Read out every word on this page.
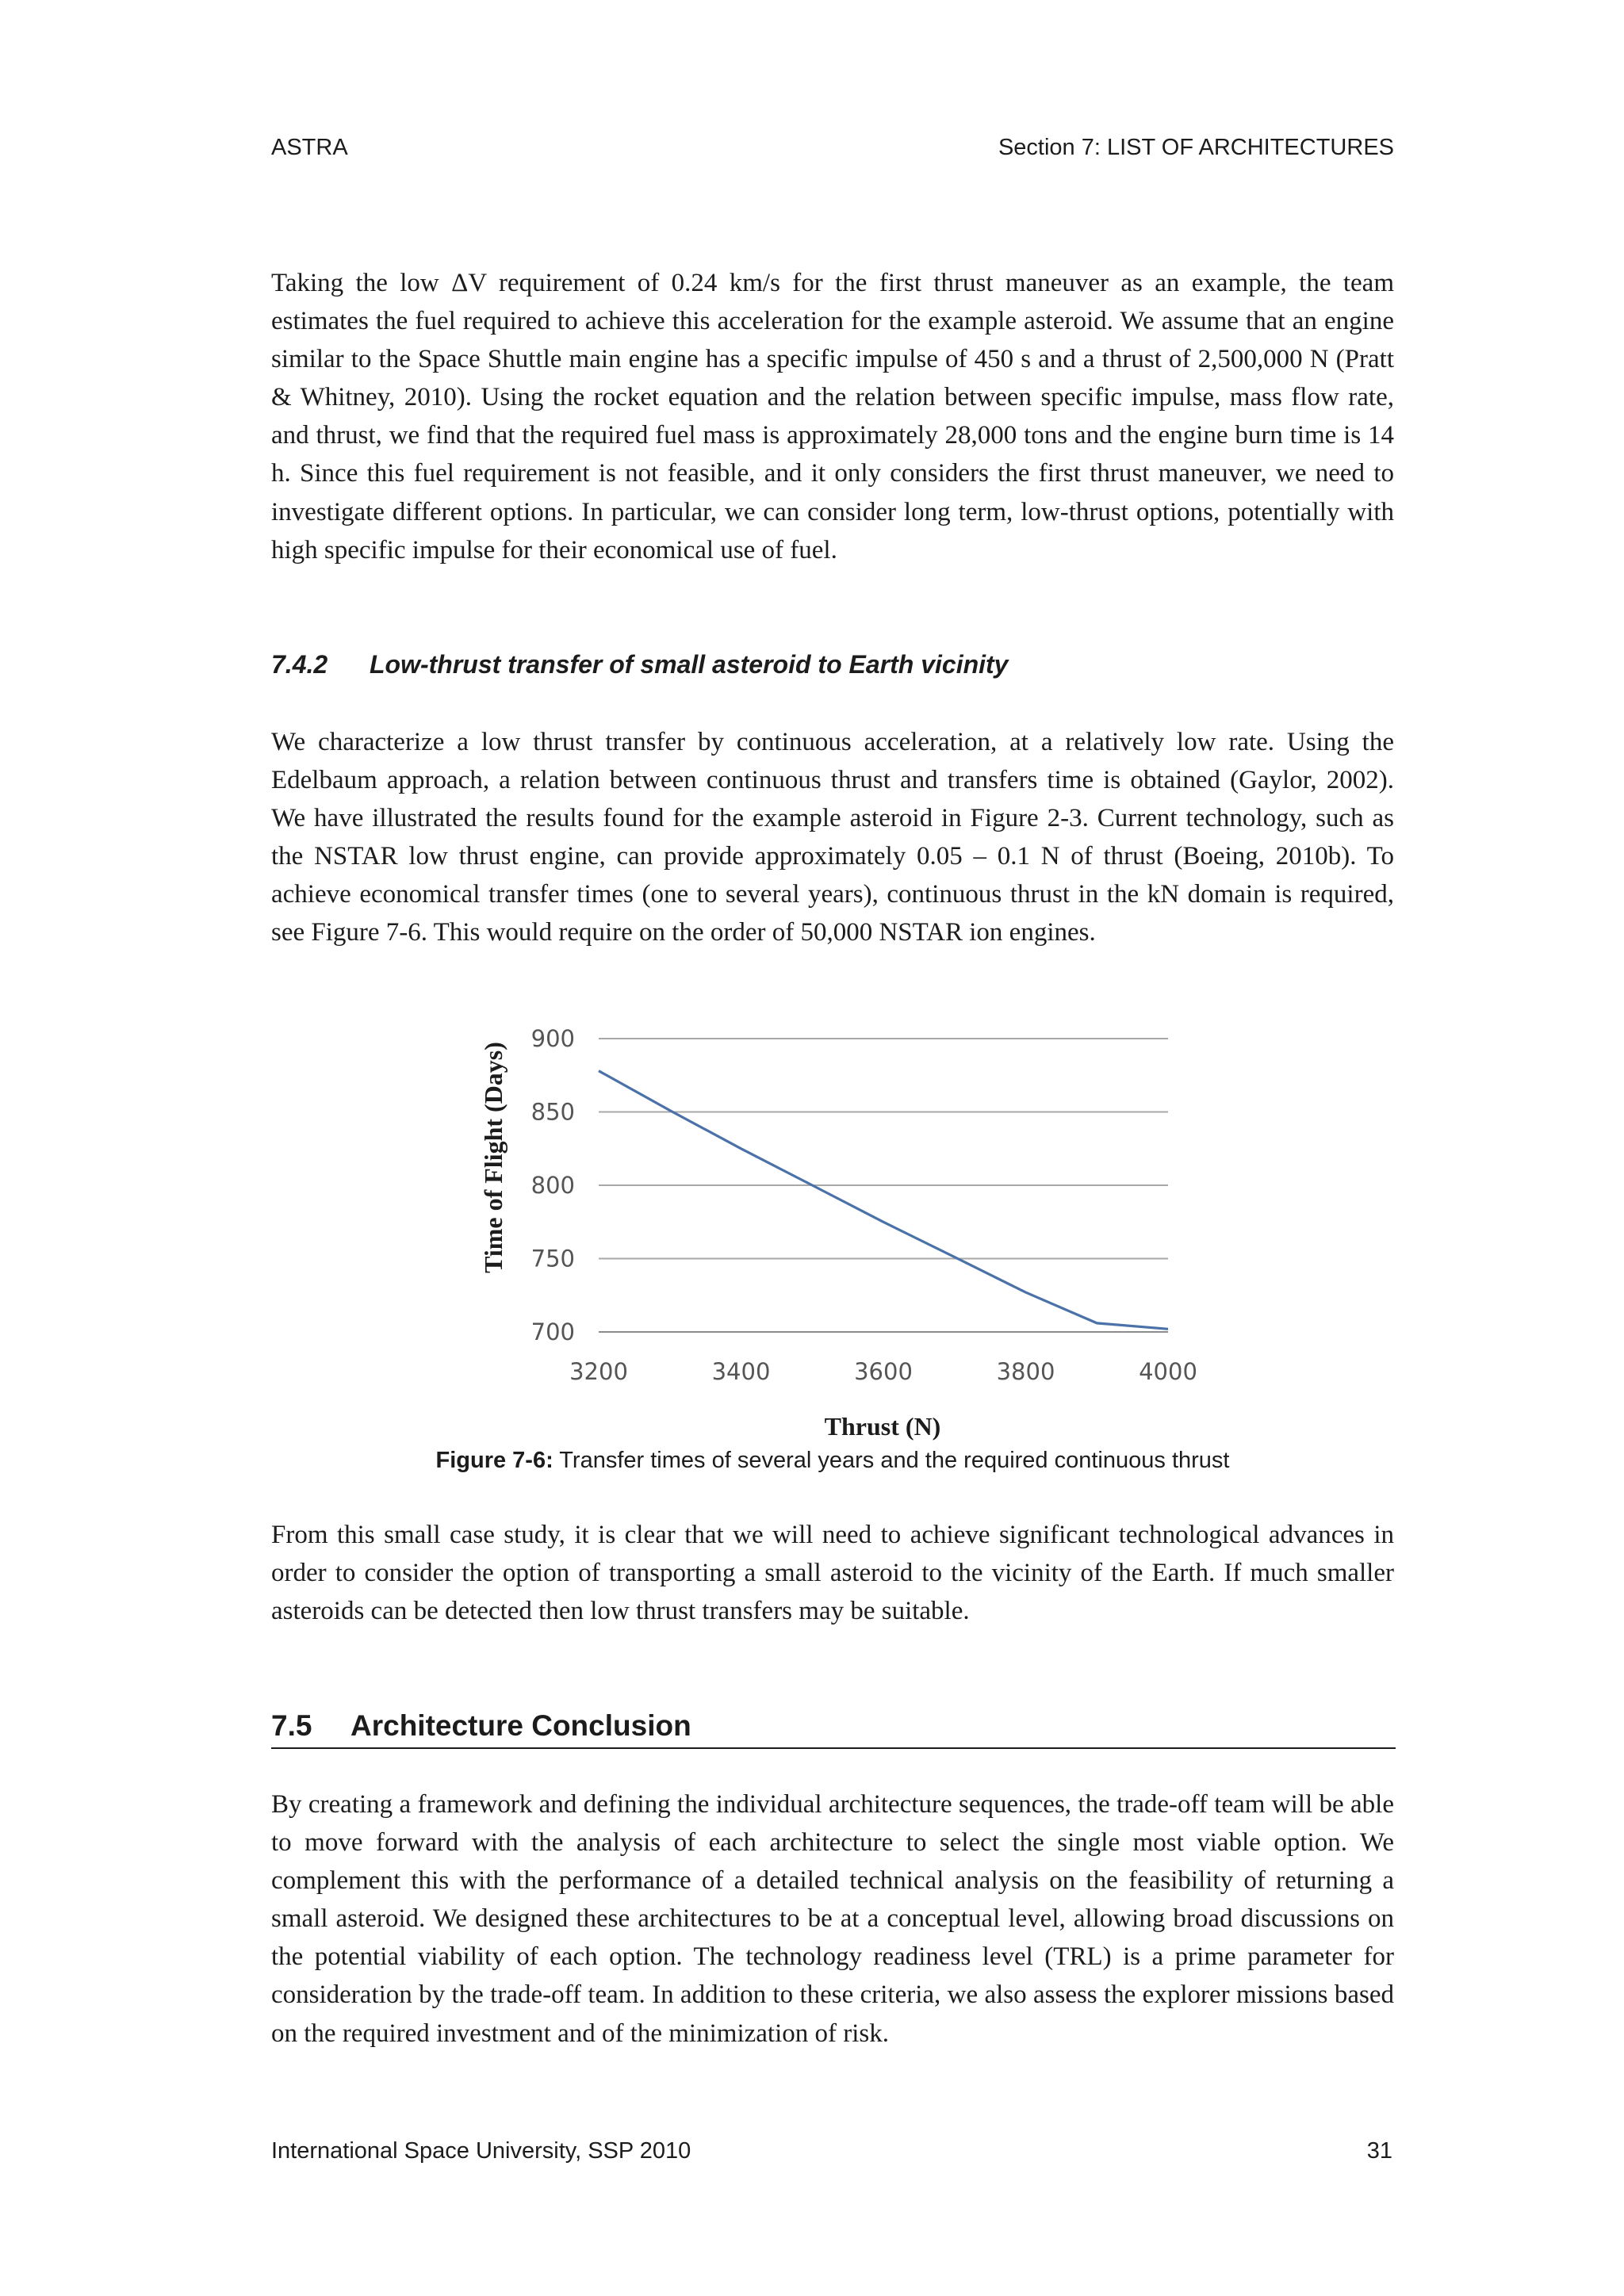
ASTRA	Section 7: LIST OF ARCHITECTURES

Taking the low ΔV requirement of 0.24 km/s for the first thrust maneuver as an example, the team estimates the fuel required to achieve this acceleration for the example asteroid. We assume that an engine similar to the Space Shuttle main engine has a specific impulse of 450 s and a thrust of 2,500,000 N (Pratt & Whitney, 2010). Using the rocket equation and the relation between specific impulse, mass flow rate, and thrust, we find that the required fuel mass is approximately 28,000 tons and the engine burn time is 14 h. Since this fuel requirement is not feasible, and it only considers the first thrust maneuver, we need to investigate different options. In particular, we can consider long term, low-thrust options, potentially with high specific impulse for their economical use of fuel.

7.4.2 Low-thrust transfer of small asteroid to Earth vicinity

We characterize a low thrust transfer by continuous acceleration, at a relatively low rate. Using the Edelbaum approach, a relation between continuous thrust and transfers time is obtained (Gaylor, 2002). We have illustrated the results found for the example asteroid in Figure 2-3. Current technology, such as the NSTAR low thrust engine, can provide approximately 0.05 – 0.1 N of thrust (Boeing, 2010b). To achieve economical transfer times (one to several years), continuous thrust in the kN domain is required, see Figure 7-6. This would require on the order of 50,000 NSTAR ion engines.

900
850
800
750
700
3200	3400	3600	3800	4000
Time of Flight (Days)
Thrust (N)

Figure 7-6: Transfer times of several years and the required continuous thrust

From this small case study, it is clear that we will need to achieve significant technological advances in order to consider the option of transporting a small asteroid to the vicinity of the Earth. If much smaller asteroids can be detected then low thrust transfers may be suitable.

7.5 Architecture Conclusion

By creating a framework and defining the individual architecture sequences, the trade-off team will be able to move forward with the analysis of each architecture to select the single most viable option. We complement this with the performance of a detailed technical analysis on the feasibility of returning a small asteroid. We designed these architectures to be at a conceptual level, allowing broad discussions on the potential viability of each option. The technology readiness level (TRL) is a prime parameter for consideration by the trade-off team. In addition to these criteria, we also assess the explorer missions based on the required investment and of the minimization of risk.

International Space University, SSP 2010	31
